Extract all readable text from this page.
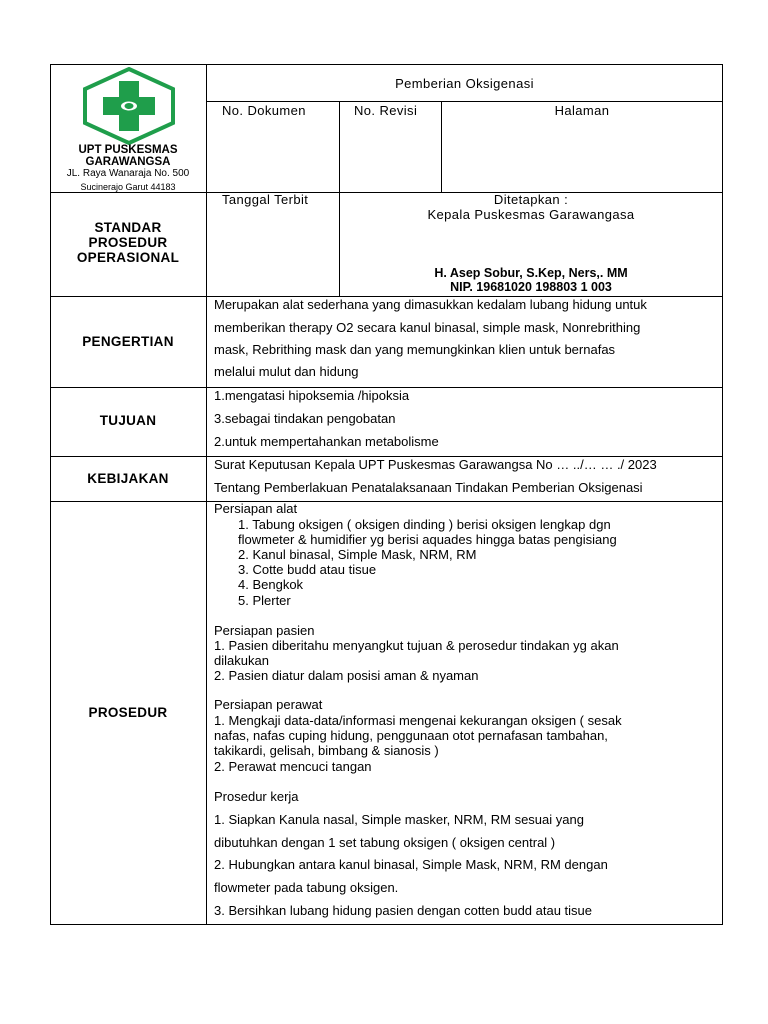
UPT PUSKESMAS
GARAWANGSA
JL. Raya Wanaraja No. 500
Sucinerajo Garut 44183
Pemberian Oksigenasi
No. Dokumen	No. Revisi	Halaman
Tanggal Terbit	Ditetapkan :
Kepala Puskesmas Garawangasa
H. Asep Sobur, S.Kep, Ners,. MM
NIP. 19681020 198803 1 003
STANDAR
PROSEDUR
OPERASIONAL
PENGERTIAN
Merupakan alat sederhana yang dimasukkan kedalam lubang hidung untuk
memberikan therapy O2 secara kanul binasal, simple mask, Nonrebrithing
mask, Rebrithing mask dan yang memungkinkan klien untuk bernafas
melalui mulut dan hidung
TUJUAN
1.mengatasi hipoksemia /hipoksia
3.sebagai tindakan pengobatan
2.untuk mempertahankan metabolisme
KEBIJAKAN
Surat Keputusan Kepala UPT Puskesmas Garawangsa No … ../… … ./ 2023
Tentang Pemberlakuan Penatalaksanaan Tindakan Pemberian Oksigenasi
PROSEDUR
Persiapan alat
1. Tabung oksigen ( oksigen dinding ) berisi oksigen lengkap dgn
flowmeter & humidifier yg berisi aquades hingga batas pengisiang
2. Kanul binasal, Simple Mask, NRM, RM
3. Cotte budd atau tisue
4. Bengkok
5. Plerter
Persiapan pasien
1. Pasien diberitahu menyangkut tujuan & perosedur tindakan yg akan
dilakukan
2. Pasien diatur dalam posisi aman & nyaman
Persiapan perawat
1. Mengkaji data-data/informasi mengenai kekurangan oksigen ( sesak
nafas, nafas cuping hidung, penggunaan otot pernafasan tambahan,
takikardi, gelisah, bimbang & sianosis )
2. Perawat mencuci tangan
Prosedur kerja
1. Siapkan Kanula nasal, Simple masker, NRM, RM sesuai yang
dibutuhkan dengan 1 set tabung oksigen ( oksigen central )
2. Hubungkan antara kanul binasal, Simple Mask, NRM, RM dengan
flowmeter pada tabung oksigen.
3. Bersihkan lubang hidung pasien dengan cotten budd atau tisue
